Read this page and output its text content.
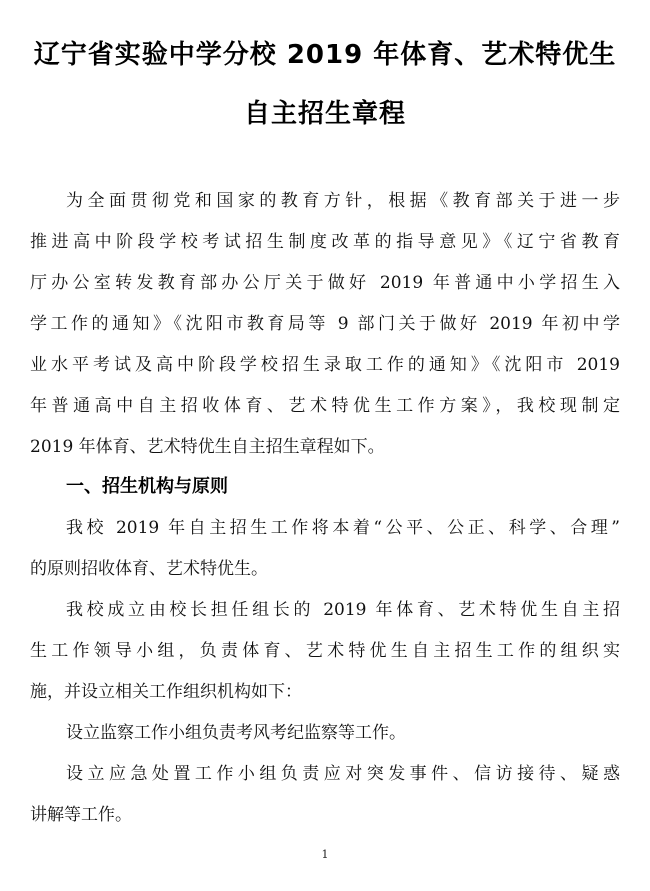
辽宁省实验中学分校 2019 年体育、艺术特优生
自主招生章程
为全面贯彻党和国家的教育方针，根据《教育部关于进一步
推进高中阶段学校考试招生制度改革的指导意见》《辽宁省教育
厅办公室转发教育部办公厅关于做好 2019 年普通中小学招生入
学工作的通知》《沈阳市教育局等 9 部门关于做好 2019 年初中学
业水平考试及高中阶段学校招生录取工作的通知》《沈阳市 2019
年普通高中自主招收体育、艺术特优生工作方案》，我校现制定
2019 年体育、艺术特优生自主招生章程如下。
一、招生机构与原则
我校 2019 年自主招生工作将本着“公平、公正、科学、合理”
的原则招收体育、艺术特优生。
我校成立由校长担任组长的 2019 年体育、艺术特优生自主招
生工作领导小组，负责体育、艺术特优生自主招生工作的组织实
施，并设立相关工作组织机构如下：
设立监察工作小组负责考风考纪监察等工作。
设立应急处置工作小组负责应对突发事件、信访接待、疑惑
讲解等工作。
1
